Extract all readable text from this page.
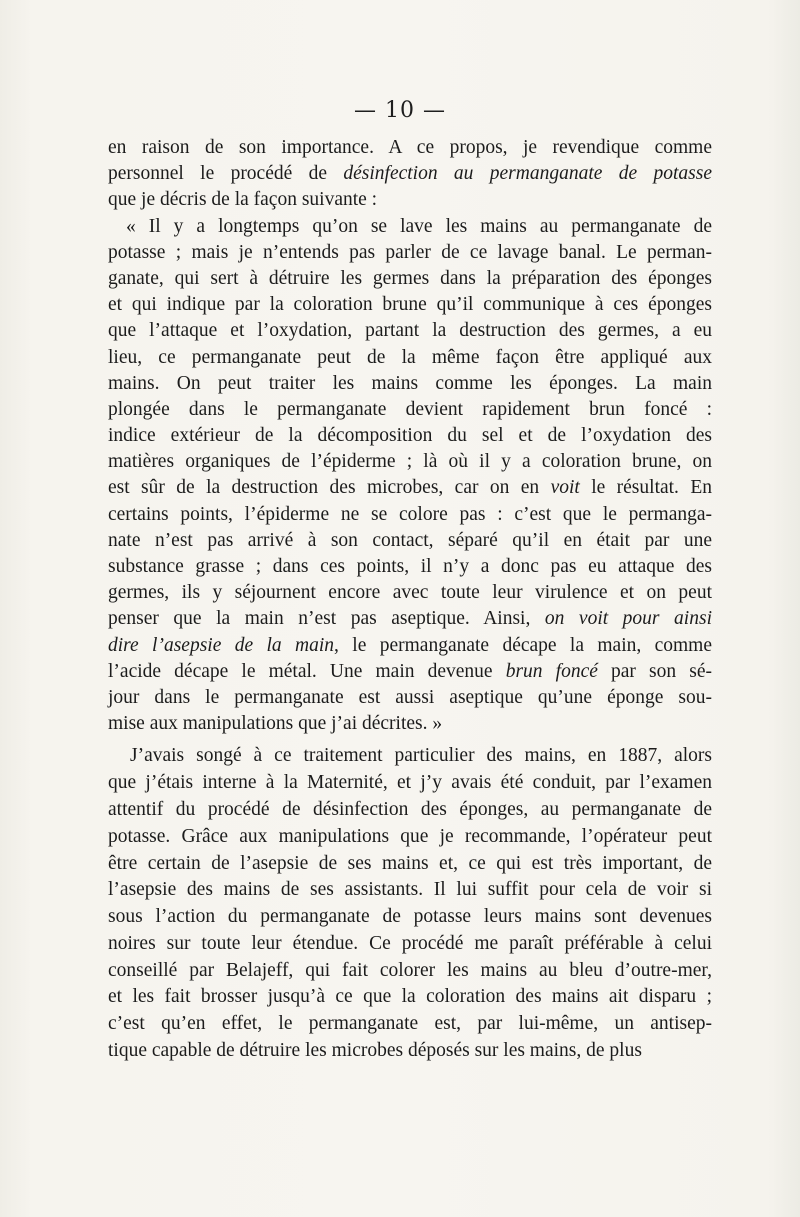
— 10 —
en raison de son importance. A ce propos, je revendique comme
personnel le procédé de désinfection au permanganate de potasse
que je décris de la façon suivante :
« Il y a longtemps qu’on se lave les mains au permanganate de
potasse ; mais je n’entends pas parler de ce lavage banal. Le perman-
ganate, qui sert à détruire les germes dans la préparation des éponges
et qui indique par la coloration brune qu’il communique à ces éponges
que l’attaque et l’oxydation, partant la destruction des germes, a eu
lieu, ce permanganate peut de la même façon être appliqué aux
mains. On peut traiter les mains comme les éponges. La main
plongée dans le permanganate devient rapidement brun foncé :
indice extérieur de la décomposition du sel et de l’oxydation des
matières organiques de l’épiderme ; là où il y a coloration brune, on
est sûr de la destruction des microbes, car on en voit le résultat. En
certains points, l’épiderme ne se colore pas : c’est que le permanga-
nate n’est pas arrivé à son contact, séparé qu’il en était par une
substance grasse ; dans ces points, il n’y a donc pas eu attaque des
germes, ils y séjournent encore avec toute leur virulence et on peut
penser que la main n’est pas aseptique. Ainsi, on voit pour ainsi
dire l’asepsie de la main, le permanganate décape la main, comme
l’acide décape le métal. Une main devenue brun foncé par son sé-
jour dans le permanganate est aussi aseptique qu’une éponge sou-
mise aux manipulations que j’ai décrites. »
J’avais songé à ce traitement particulier des mains, en 1887, alors
que j’étais interne à la Maternité, et j’y avais été conduit, par l’examen
attentif du procédé de désinfection des éponges, au permanganate de
potasse. Grâce aux manipulations que je recommande, l’opérateur peut
être certain de l’asepsie de ses mains et, ce qui est très important, de
l’asepsie des mains de ses assistants. Il lui suffit pour cela de voir si
sous l’action du permanganate de potasse leurs mains sont devenues
noires sur toute leur étendue. Ce procédé me paraît préférable à celui
conseillé par Belajeff, qui fait colorer les mains au bleu d’outre-mer,
et les fait brosser jusqu’à ce que la coloration des mains ait disparu ;
c’est qu’en effet, le permanganate est, par lui-même, un antisep-
tique capable de détruire les microbes déposés sur les mains, de plus
